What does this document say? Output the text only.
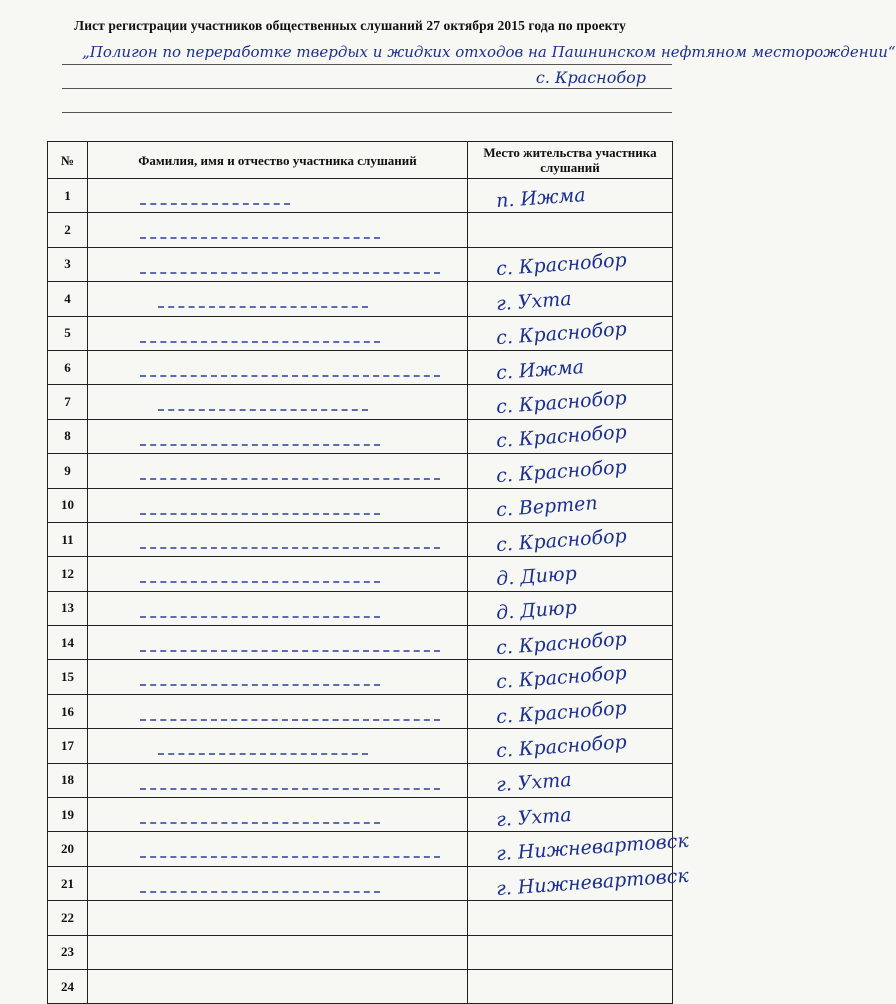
Лист регистрации участников общественных слушаний 27 октября 2015 года по проекту
„Полигон по переработке твердых и жидких отходов на Пашнинском нефтяном месторождении“
с. Краснобор
№	Фамилия, имя и отчество участника слушаний	Место жительства участника слушаний
1		п. Ижма

2	

3		с. Краснобор

4		г. Ухта

5		с. Краснобор

6		с. Ижма

7		с. Краснобор

8		с. Краснобор

9		с. Краснобор

10		с. Вертеп

11		с. Краснобор

12		д. Диюр

13		д. Диюр

14		с. Краснобор

15		с. Краснобор

16		с. Краснобор

17		с. Краснобор

18		г. Ухта

19		г. Ухта

20		г. Нижневартовск

21		г. Нижневартовск

22		

23		

24		
